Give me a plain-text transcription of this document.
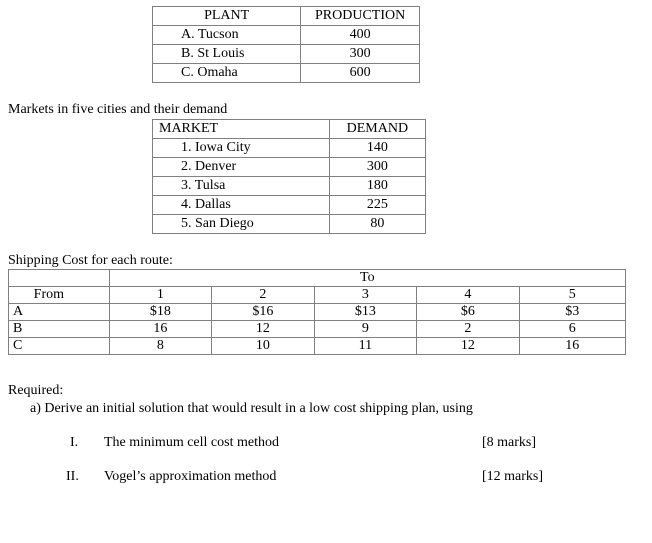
PLANT	PRODUCTION
A. Tucson	400
B. St Louis	300
C. Omaha	600
Markets in five cities and their demand
MARKET	DEMAND
1. Iowa City	140
2. Denver	300
3. Tulsa	180
4. Dallas	225
5. San Diego	80
Shipping Cost for each route:
	To				
From	1	2	3	4	5
A	$18	$16	$13	$6	$3
B	16	12	9	2	6
C	8	10	11	12	16
Required:
a) Derive an initial solution that would result in a low cost shipping plan, using
I. The minimum cell cost method	[8 marks]
II. Vogel’s approximation method	[12 marks]
